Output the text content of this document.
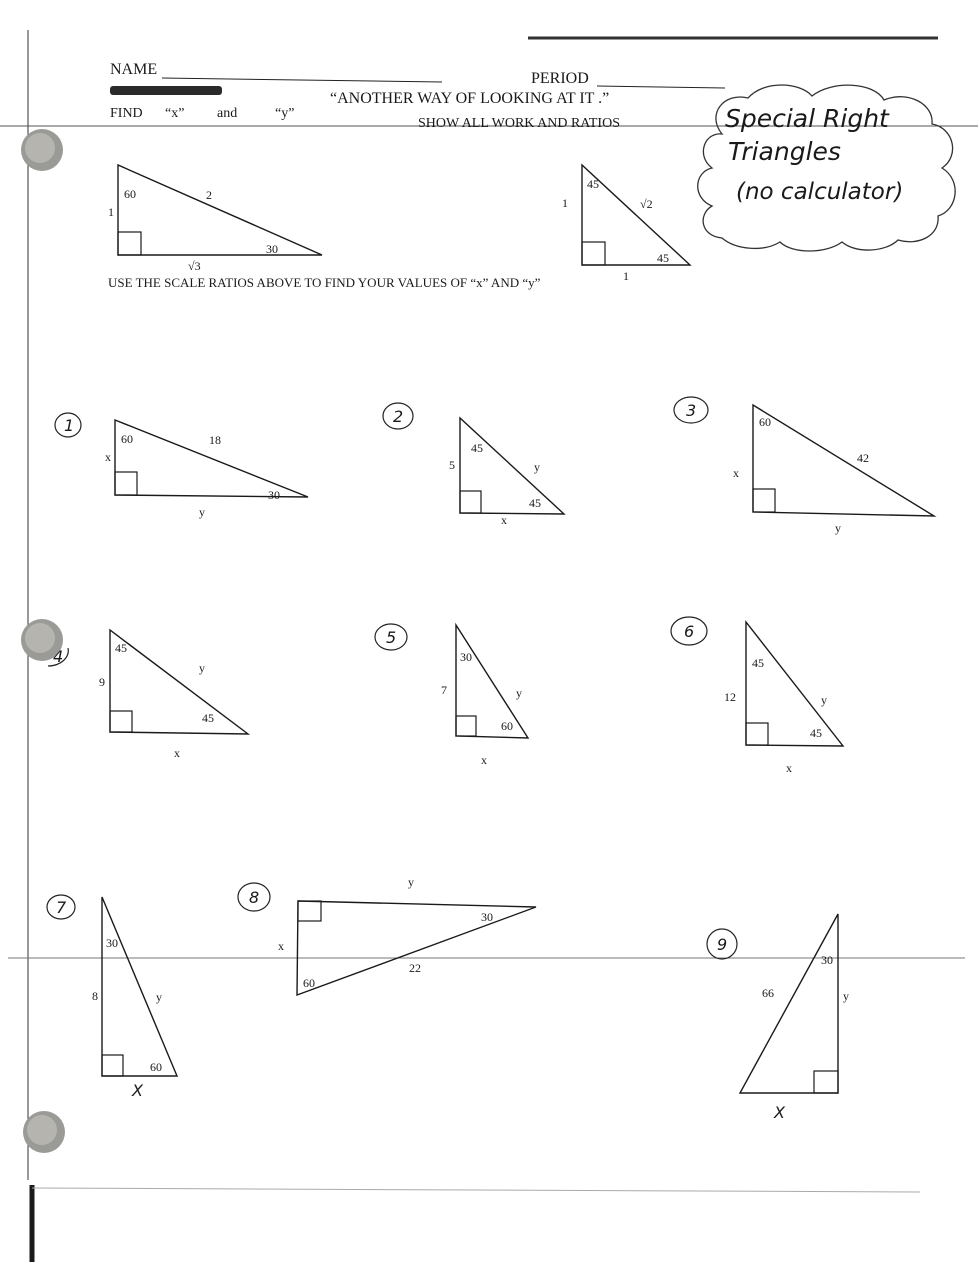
NAME
PERIOD
“ANOTHER WAY OF LOOKING AT IT .”
FIND “x” and	“y”
SHOW ALL WORK AND RATIOS	Special Right
Triangles
(no calculator)
60	2
1
√3
30
45
√2
1
1
45
USE THE SCALE RATIOS ABOVE TO FIND YOUR VALUES OF “x” AND “y”
1
60	18
x
y
30
2
45
5	y
45
x
3
60
42
x
y
4	45
y
9
45
x
5
30
7	y
60
x
6
45
12	y
45
x
7
30
8	y
60
X
8
y
30
x
22
60
9
30
66	y
X
